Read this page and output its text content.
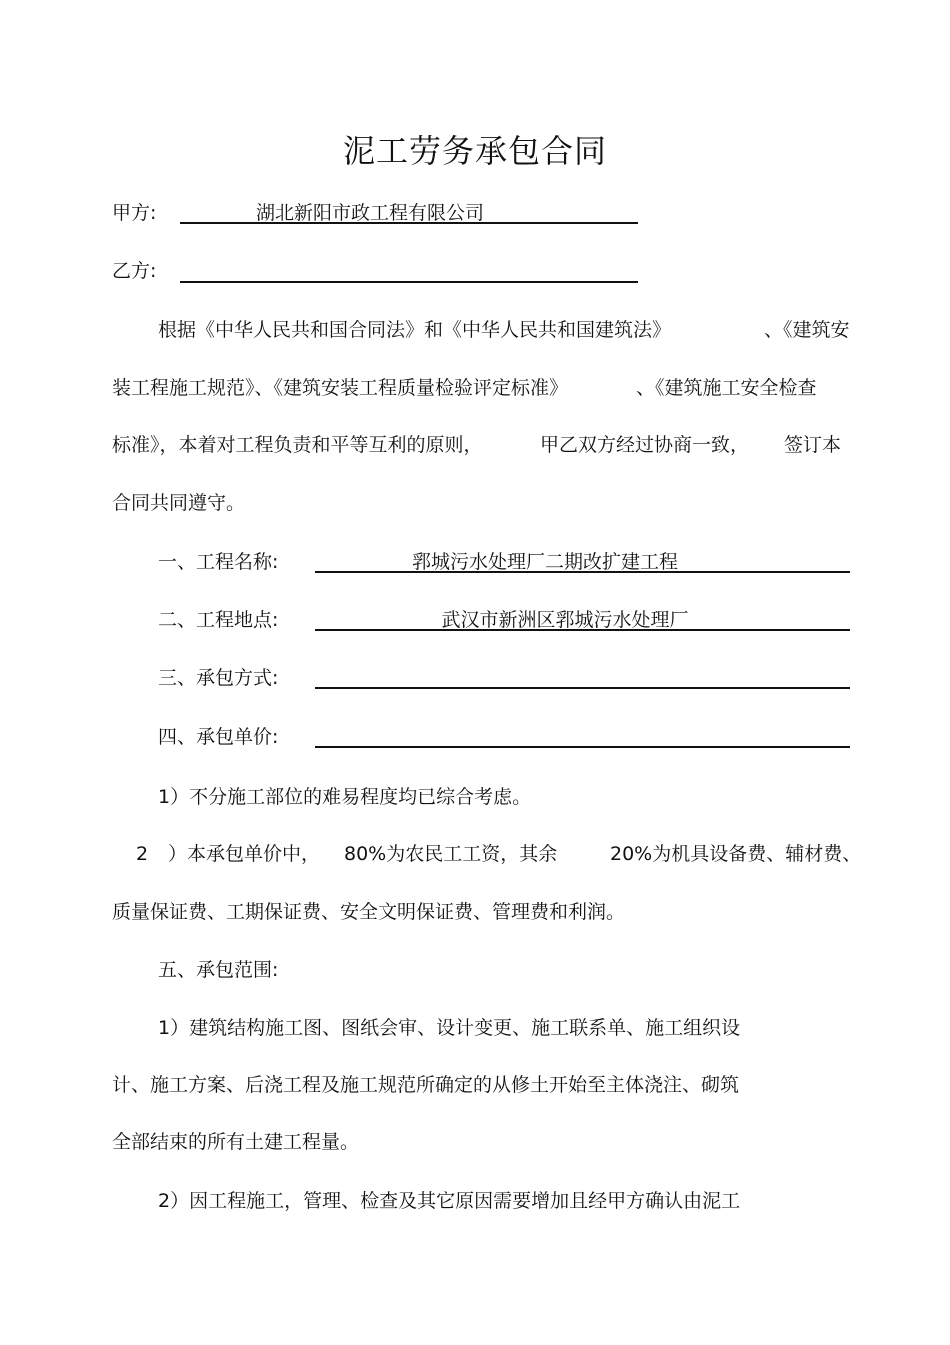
泥工劳务承包合同
甲方:	湖北新阳市政工程有限公司
乙方:
根据《中华人民共和国合同法》和《中华人民共和国建筑法》	、《建筑安
装工程施工规范》、《建筑安装工程质量检验评定标准》	、《建筑施工安全检查
标准》，本着对工程负责和平等互利的原则，	甲乙双方经过协商一致， 签订本
合同共同遵守。
一、工程名称:	郛城污水处理厂二期改扩建工程
二、工程地点:	武汉市新洲区郛城污水处理厂
三、承包方式:
四、承包单价:
1）不分施工部位的难易程度均已综合考虑。
2 ）本承包单价中， 80%为农民工工资，其余	20%为机具设备费、辅材费、
质量保证费、工期保证费、安全文明保证费、管理费和利润。
五、承包范围:
1）建筑结构施工图、图纸会审、设计变更、施工联系单、施工组织设
计、施工方案、后浇工程及施工规范所确定的从修土开始至主体浇注、砌筑
全部结束的所有土建工程量。
2）因工程施工，管理、检查及其它原因需要增加且经甲方确认由泥工
